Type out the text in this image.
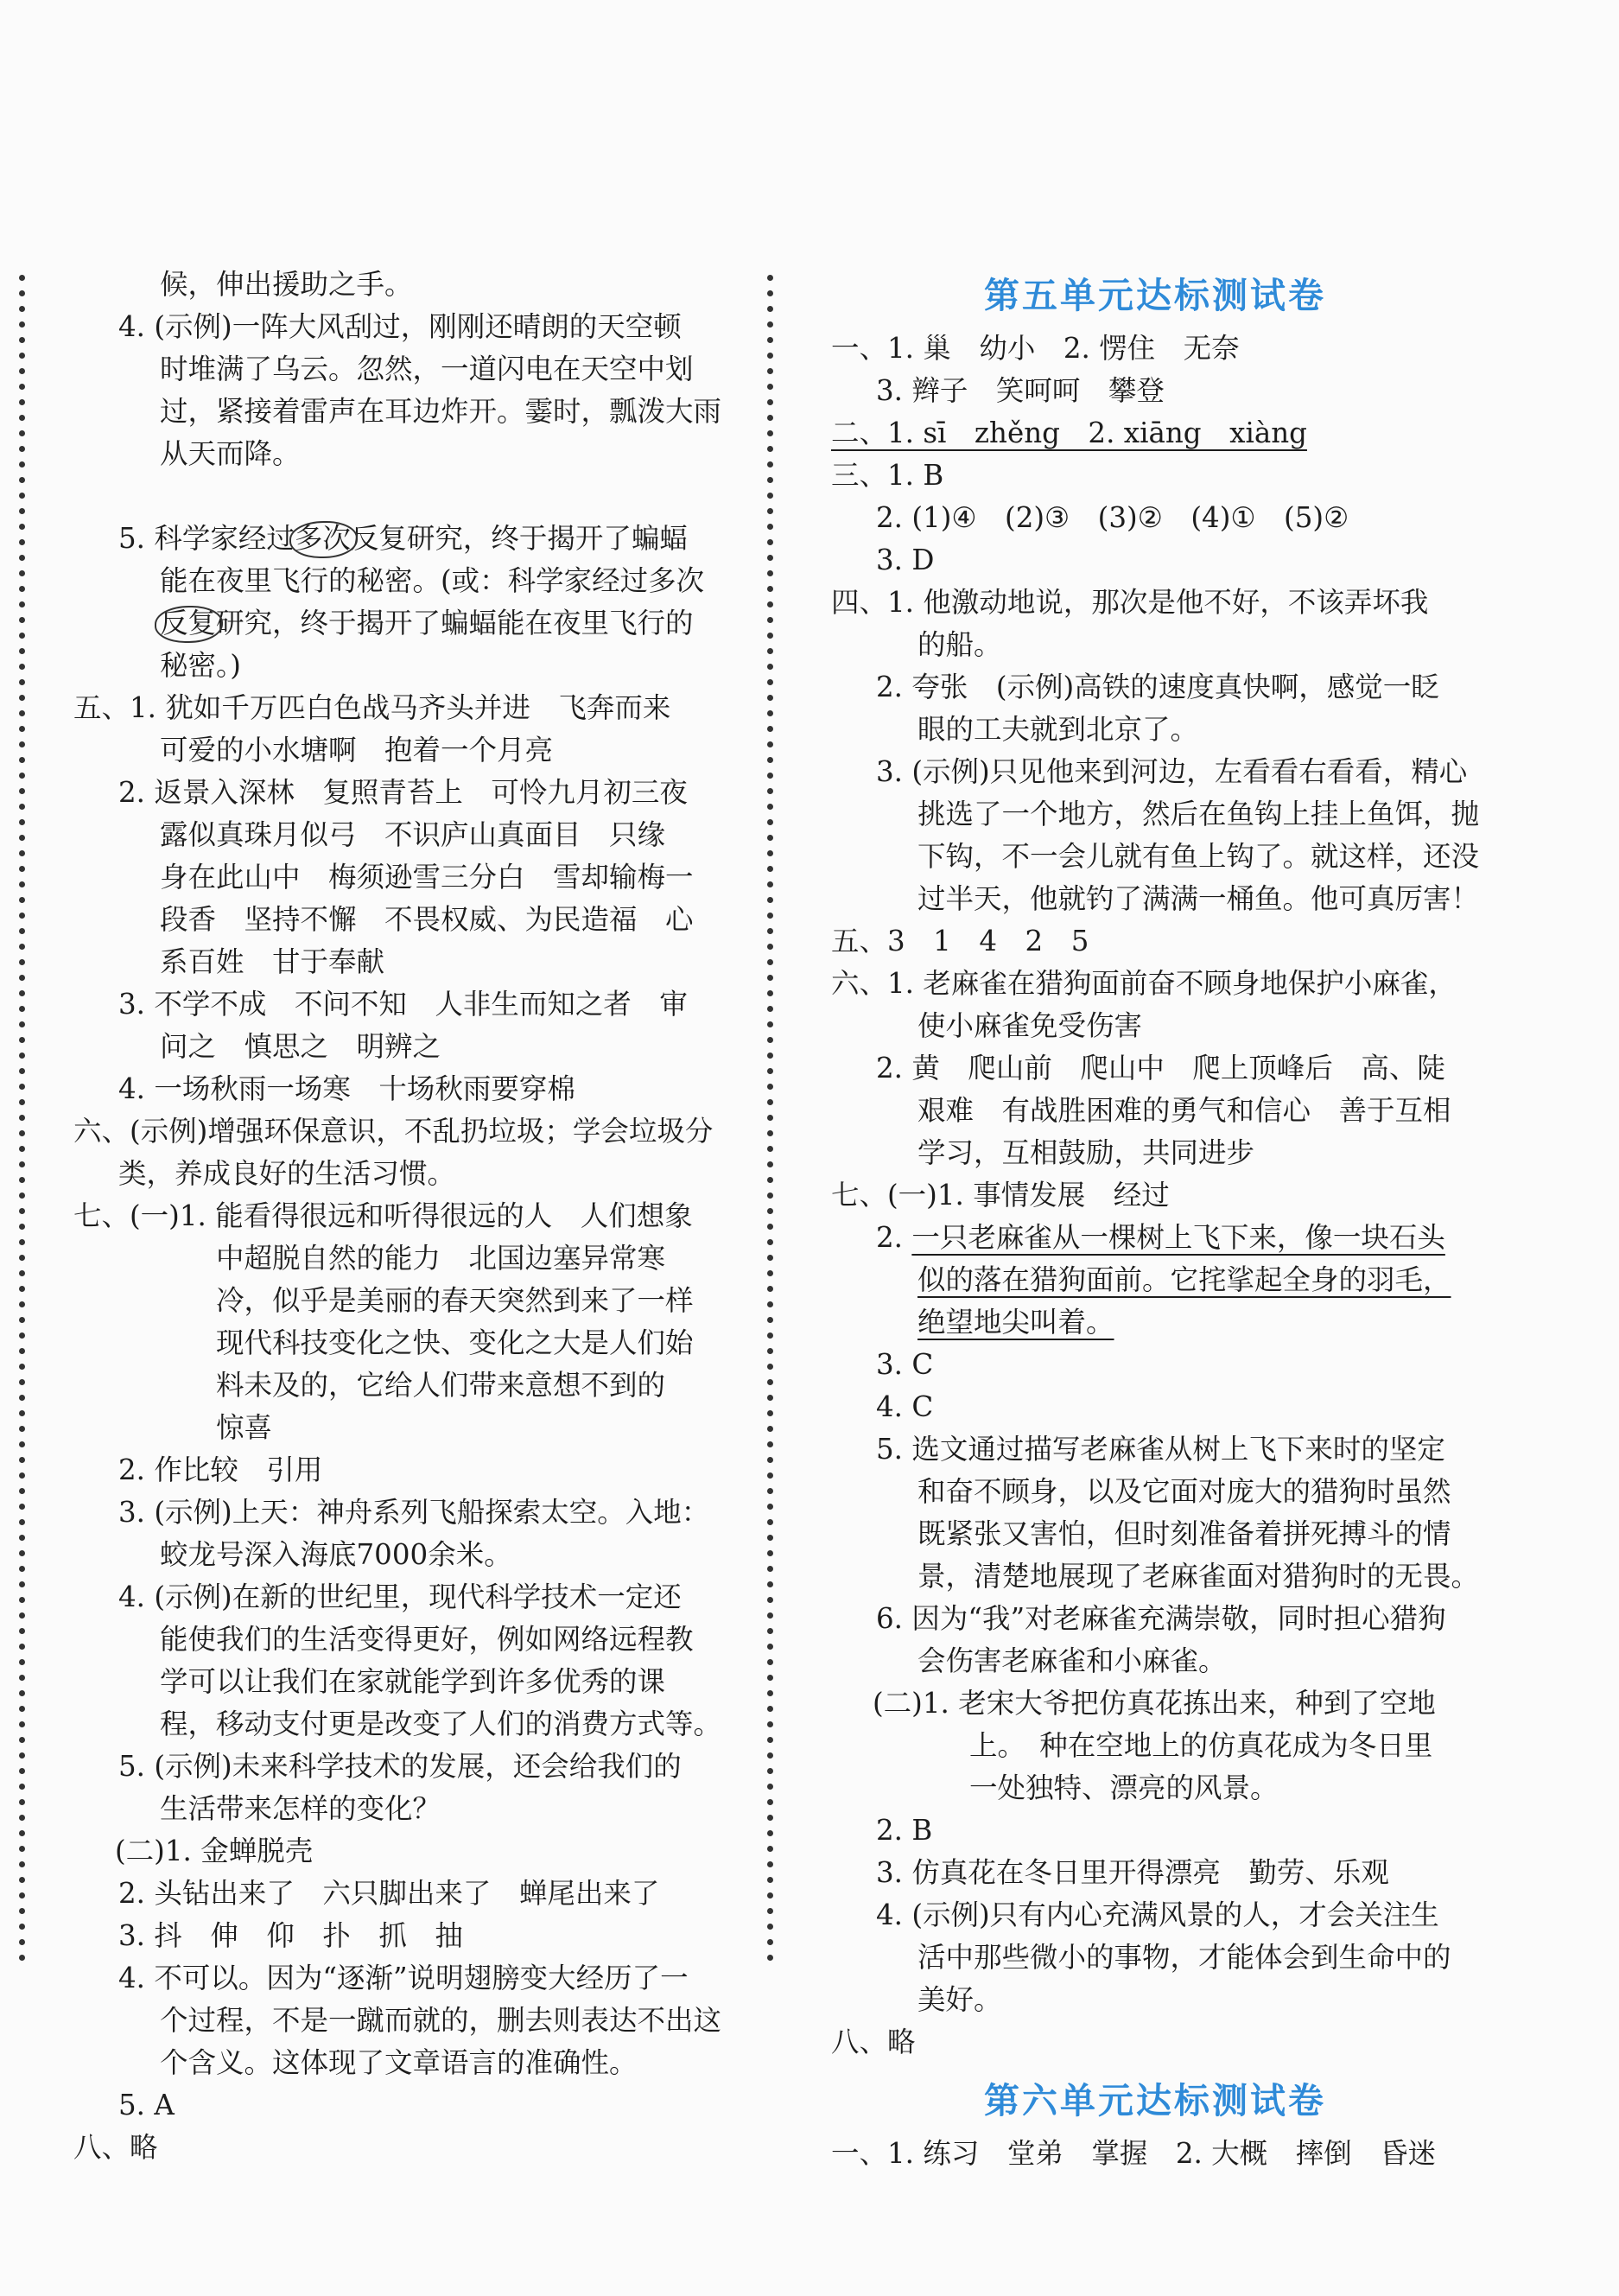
候，伸出援助之手。
4. (示例)一阵大风刮过，刚刚还晴朗的天空顿
时堆满了乌云。忽然，一道闪电在天空中划
过，紧接着雷声在耳边炸开。霎时，瓢泼大雨
从天而降。
5. 科学家经过多次反复研究，终于揭开了蝙蝠
能在夜里飞行的秘密。(或：科学家经过多次
反复研究，终于揭开了蝙蝠能在夜里飞行的
秘密。)
五、1. 犹如千万匹白色战马齐头并进　飞奔而来
可爱的小水塘啊　抱着一个月亮
2. 返景入深林　复照青苔上　可怜九月初三夜
露似真珠月似弓　不识庐山真面目　只缘
身在此山中　梅须逊雪三分白　雪却输梅一
段香　坚持不懈　不畏权威、为民造福　心
系百姓　甘于奉献
3. 不学不成　不问不知　人非生而知之者　审
问之　慎思之　明辨之
4. 一场秋雨一场寒　十场秋雨要穿棉
六、(示例)增强环保意识，不乱扔垃圾；学会垃圾分
类，养成良好的生活习惯。
七、(一)1. 能看得很远和听得很远的人　人们想象
中超脱自然的能力　北国边塞异常寒
冷，似乎是美丽的春天突然到来了一样
现代科技变化之快、变化之大是人们始
料未及的，它给人们带来意想不到的
惊喜
2. 作比较　引用
3. (示例)上天：神舟系列飞船探索太空。入地：
蛟龙号深入海底7000余米。
4. (示例)在新的世纪里，现代科学技术一定还
能使我们的生活变得更好，例如网络远程教
学可以让我们在家就能学到许多优秀的课
程，移动支付更是改变了人们的消费方式等。
5. (示例)未来科学技术的发展，还会给我们的
生活带来怎样的变化？
(二)1. 金蝉脱壳
2. 头钻出来了　六只脚出来了　蝉尾出来了
3. 抖　伸　仰　扑　抓　抽
4. 不可以。因为“逐渐”说明翅膀变大经历了一
个过程，不是一蹴而就的，删去则表达不出这
个含义。这体现了文章语言的准确性。
5. A
八、略
第五单元达标测试卷
一、1. 巢　幼小　2. 愣住　无奈
3. 辫子　笑呵呵　攀登
二、1. sī　zhěng　2. xiāng　xiàng
三、1. B
2. (1)④　(2)③　(3)②　(4)①　(5)②
3. D
四、1. 他激动地说，那次是他不好，不该弄坏我
的船。
2. 夸张　(示例)高铁的速度真快啊，感觉一眨
眼的工夫就到北京了。
3. (示例)只见他来到河边，左看看右看看，精心
挑选了一个地方，然后在鱼钩上挂上鱼饵，抛
下钩，不一会儿就有鱼上钩了。就这样，还没
过半天，他就钓了满满一桶鱼。他可真厉害！
五、3　1　4　2　5
六、1. 老麻雀在猎狗面前奋不顾身地保护小麻雀，
使小麻雀免受伤害
2. 黄　爬山前　爬山中　爬上顶峰后　高、陡
艰难　有战胜困难的勇气和信心　善于互相
学习，互相鼓励，共同进步
七、(一)1. 事情发展　经过
2. 一只老麻雀从一棵树上飞下来，像一块石头
似的落在猎狗面前。它挓挲起全身的羽毛，
绝望地尖叫着。
3. C
4. C
5. 选文通过描写老麻雀从树上飞下来时的坚定
和奋不顾身，以及它面对庞大的猎狗时虽然
既紧张又害怕，但时刻准备着拼死搏斗的情
景，清楚地展现了老麻雀面对猎狗时的无畏。
6. 因为“我”对老麻雀充满崇敬，同时担心猎狗
会伤害老麻雀和小麻雀。
(二)1. 老宋大爷把仿真花拣出来，种到了空地
上。　种在空地上的仿真花成为冬日里
一处独特、漂亮的风景。
2. B
3. 仿真花在冬日里开得漂亮　勤劳、乐观
4. (示例)只有内心充满风景的人，才会关注生
活中那些微小的事物，才能体会到生命中的
美好。
八、略
第六单元达标测试卷
一、1. 练习　堂弟　掌握　2. 大概　摔倒　昏迷
